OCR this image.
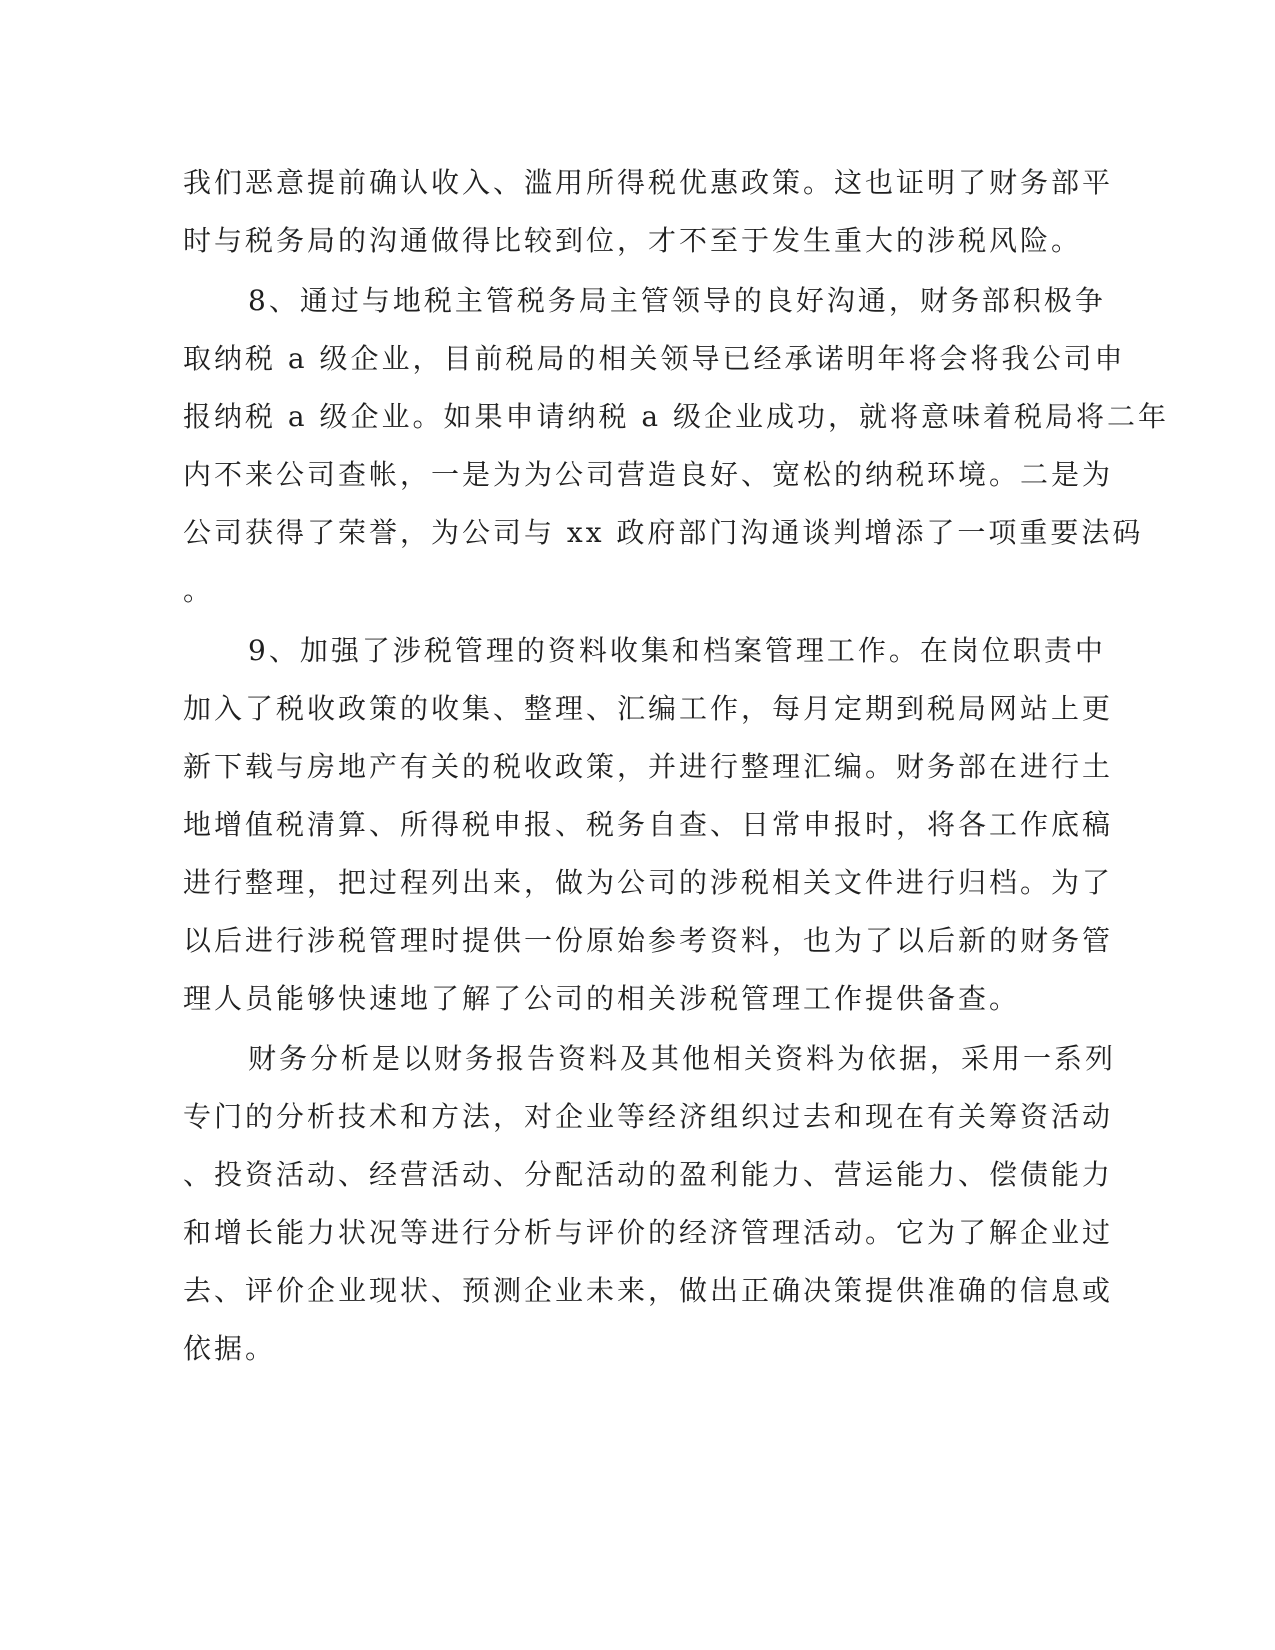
我们恶意提前确认收入、滥用所得税优惠政策。这也证明了财务部平
时与税务局的沟通做得比较到位，才不至于发生重大的涉税风险。
8、通过与地税主管税务局主管领导的良好沟通，财务部积极争
取纳税 a 级企业，目前税局的相关领导已经承诺明年将会将我公司申
报纳税 a 级企业。如果申请纳税 a 级企业成功，就将意味着税局将二年
内不来公司查帐，一是为为公司营造良好、宽松的纳税环境。二是为
公司获得了荣誉，为公司与 xx 政府部门沟通谈判增添了一项重要法码
。
9、加强了涉税管理的资料收集和档案管理工作。在岗位职责中
加入了税收政策的收集、整理、汇编工作，每月定期到税局网站上更
新下载与房地产有关的税收政策，并进行整理汇编。财务部在进行土
地增值税清算、所得税申报、税务自查、日常申报时，将各工作底稿
进行整理，把过程列出来，做为公司的涉税相关文件进行归档。为了
以后进行涉税管理时提供一份原始参考资料，也为了以后新的财务管
理人员能够快速地了解了公司的相关涉税管理工作提供备查。
财务分析是以财务报告资料及其他相关资料为依据，采用一系列
专门的分析技术和方法，对企业等经济组织过去和现在有关筹资活动
、投资活动、经营活动、分配活动的盈利能力、营运能力、偿债能力
和增长能力状况等进行分析与评价的经济管理活动。它为了解企业过
去、评价企业现状、预测企业未来，做出正确决策提供准确的信息或
依据。
